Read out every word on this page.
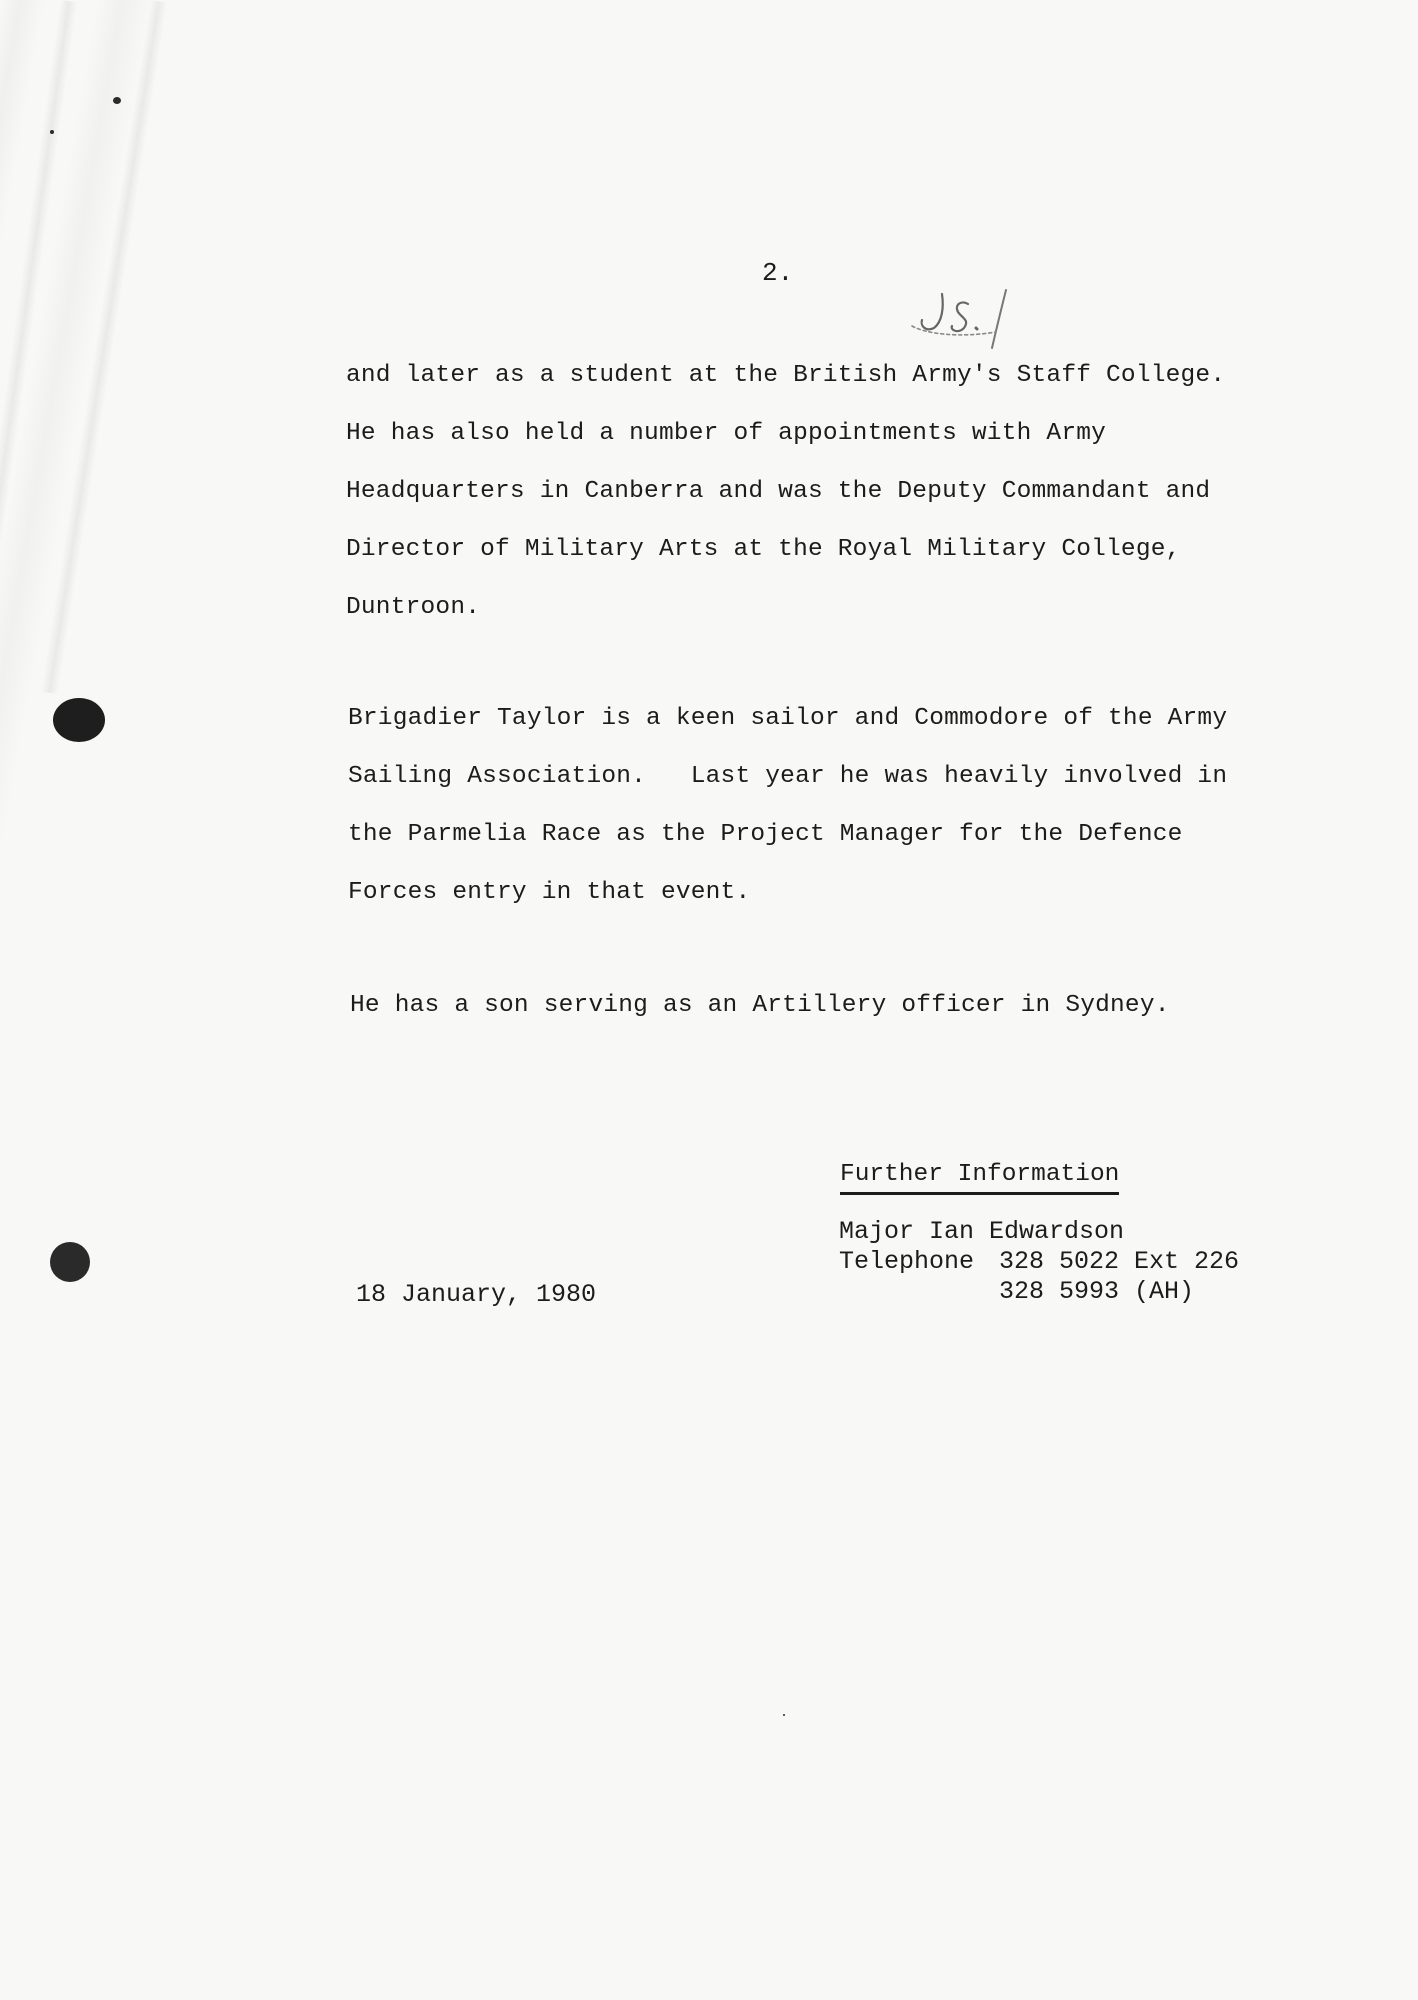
2.
and later as a student at the British Army's Staff College.
He has also held a number of appointments with Army
Headquarters in Canberra and was the Deputy Commandant and
Director of Military Arts at the Royal Military College,
Duntroon.
Brigadier Taylor is a keen sailor and Commodore of the Army
Sailing Association.   Last year he was heavily involved in
the Parmelia Race as the Project Manager for the Defence
Forces entry in that event.
He has a son serving as an Artillery officer in Sydney.
Further Information
Major Ian Edwardson
Telephone 328 5022 Ext 226
328 5993 (AH)
18 January, 1980
